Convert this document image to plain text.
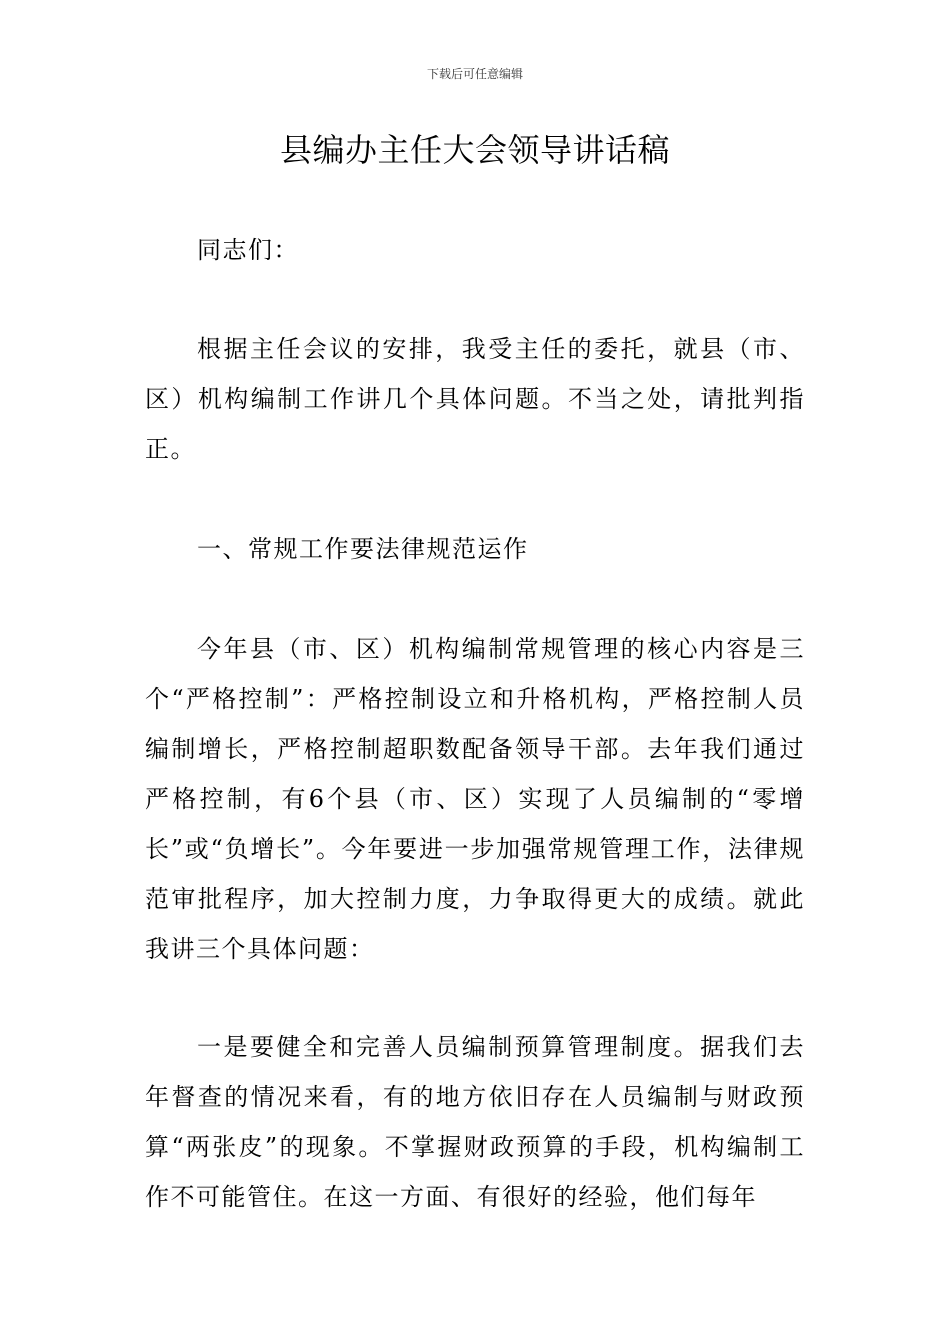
下载后可任意编辑
县编办主任大会领导讲话稿

同志们：

根据主任会议的安排，我受主任的委托，就县（市、区）机构编制工作讲几个具体问题。不当之处，请批判指正。

一、常规工作要法律规范运作

今年县（市、区）机构编制常规管理的核心内容是三个“严格控制”：严格控制设立和升格机构，严格控制人员编制增长，严格控制超职数配备领导干部。去年我们通过严格控制，有6个县（市、区）实现了人员编制的“零增长”或“负增长”。今年要进一步加强常规管理工作，法律规范审批程序，加大控制力度，力争取得更大的成绩。就此我讲三个具体问题：

一是要健全和完善人员编制预算管理制度。据我们去年督查的情况来看，有的地方依旧存在人员编制与财政预算“两张皮”的现象。不掌握财政预算的手段，机构编制工作不可能管住。在这一方面、有很好的经验，他们每年
